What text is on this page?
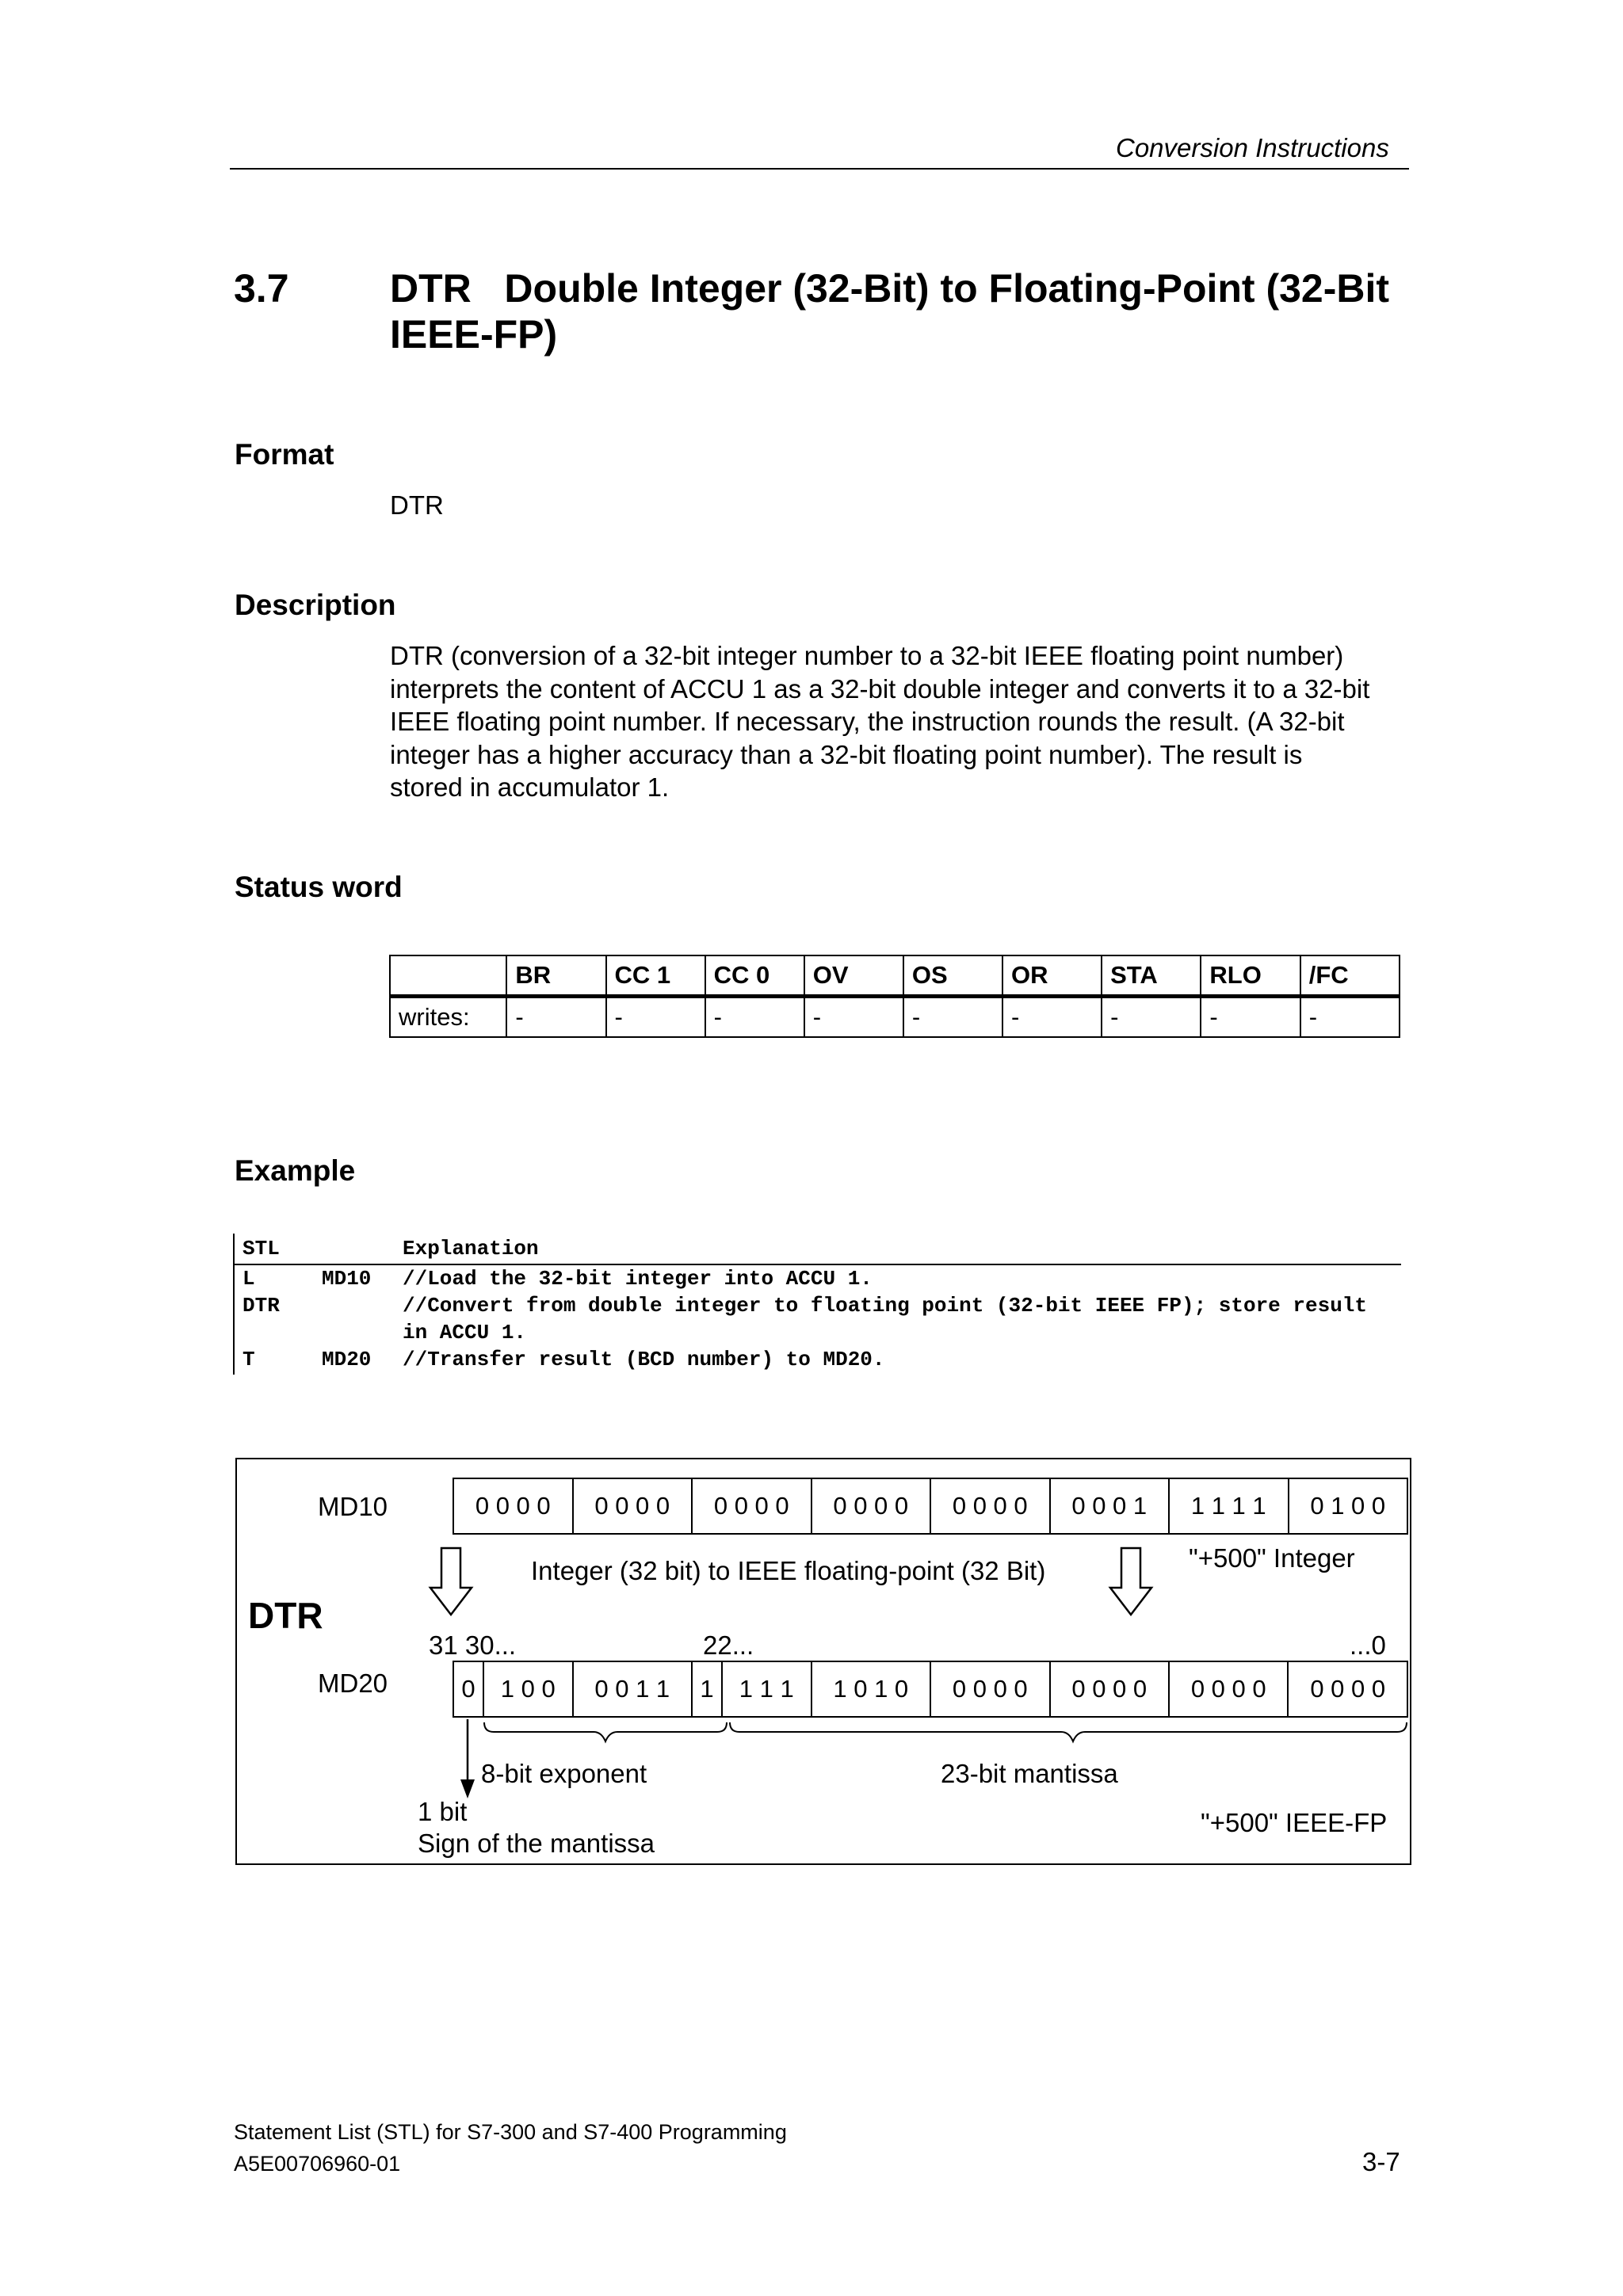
Conversion Instructions
3.7	DTR   Double Integer (32-Bit) to Floating-Point (32-Bit
IEEE-FP)
Format
DTR
Description
DTR (conversion of a 32-bit integer number to a 32-bit IEEE floating point number)
interprets the content of ACCU 1 as a 32-bit double integer and converts it to a 32-bit
IEEE floating point number. If necessary, the instruction rounds the result. (A 32-bit
integer has a higher accuracy than a 32-bit floating point number). The result is
stored in accumulator 1.
Status word
	BR	CC 1	CC 0	OV	OS	OR	STA	RLO	/FC
writes:	-	-	-	-	-	-	-	-	-
Example
STL	Explanation
L	MD10 //Load the 32-bit integer into ACCU 1.
DTR	//Convert from double integer to floating point (32-bit IEEE FP); store result
in ACCU 1.
T	MD20 //Transfer result (BCD number) to MD20.
MD10	0 0 0 0	0 0 0 0	0 0 0 0	0 0 0 0	0 0 0 0	0 0 0 1	1 1 1 1	0 1 0 0
Integer (32 bit) to IEEE floating-point (32 Bit)	"+500" Integer
DTR
31 30...	22...	...0
MD20	0	1 0 0	0 0 1 1	1	1 1 1	1 0 1 0	0 0 0 0	0 0 0 0	0 0 0 0	0 0 0 0
8-bit exponent	23-bit mantissa
1 bit
Sign of the mantissa
"+500" IEEE-FP
Statement List (STL) for S7-300 and S7-400 Programming
A5E00706960-01	3-7
